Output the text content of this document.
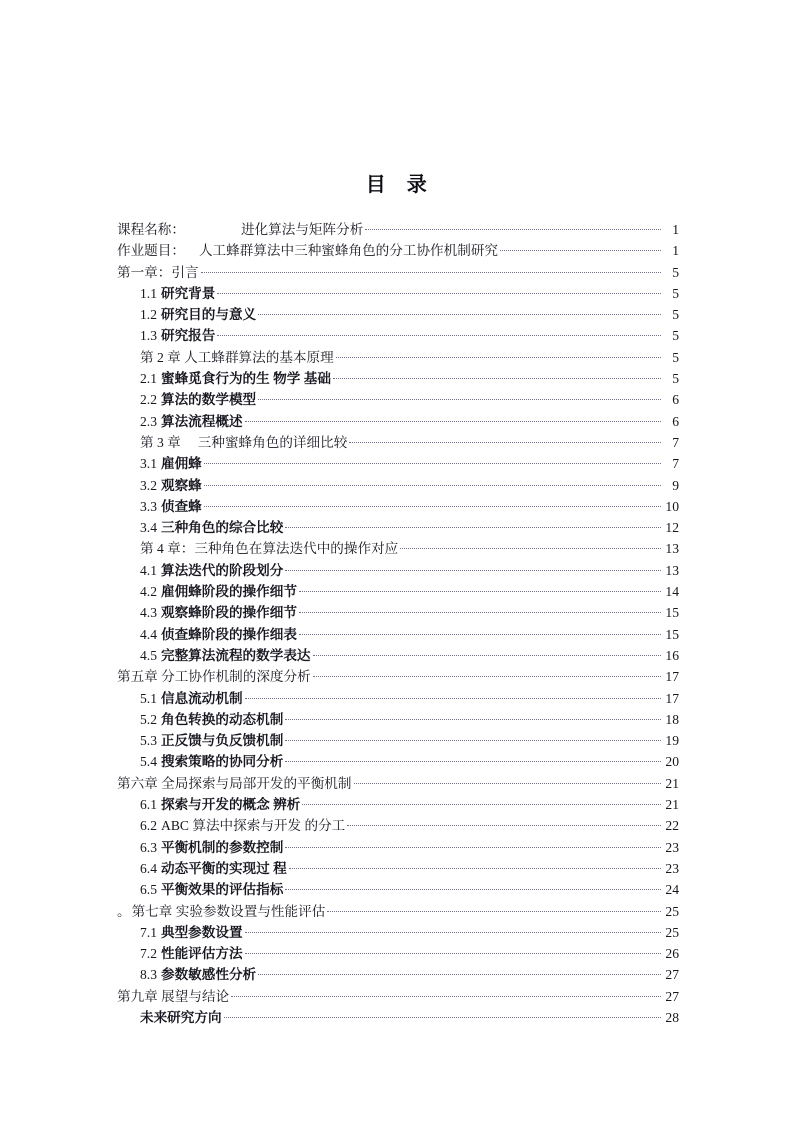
目　录
课程名称：	进化算法与矩阵分析	1
作业题目： 人工蜂群算法中三种蜜蜂角色的分工协作机制研究	1
第一章：引言	5
1.1 研究背景	5
1.2 研究目的与意义	5
1.3 研究报告	5
第 2 章 人工蜂群算法的基本原理	5
2.1 蜜蜂觅食行为的生 物学 基础	5
2.2 算法的数学模型	6
2.3 算法流程概述	6
第 3 章　 三种蜜蜂角色的详细比较	7
3.1 雇佣蜂	7
3.2 观察蜂	9
3.3 侦查蜂	10
3.4 三种角色的综合比较	12
第 4 章：三种角色在算法迭代中的操作对应	13
4.1 算法迭代的阶段划分	13
4.2 雇佣蜂阶段的操作细节	14
4.3 观察蜂阶段的操作细节	15
4.4 侦查蜂阶段的操作细表	15
4.5 完整算法流程的数学表达	16
第五章 分工协作机制的深度分析	17
5.1 信息流动机制	17
5.2 角色转换的动态机制	18
5.3 正反馈与负反馈机制	19
5.4 搜索策略的协同分析	20
第六章 全局探索与局部开发的平衡机制	21
6.1 探索与开发的概念 辨析	21
6.2 ABC 算法中探索与开发 的分工	22
6.3 平衡机制的参数控制	23
6.4 动态平衡的实现过 程	23
6.5 平衡效果的评估指标	24
。 第七章 实验参数设置与性能评估	25
7.1 典型参数设置	25
7.2 性能评估方法	26
8.3 参数敏感性分析	27
第九章 展望与结论	27
未来研究方向	28
